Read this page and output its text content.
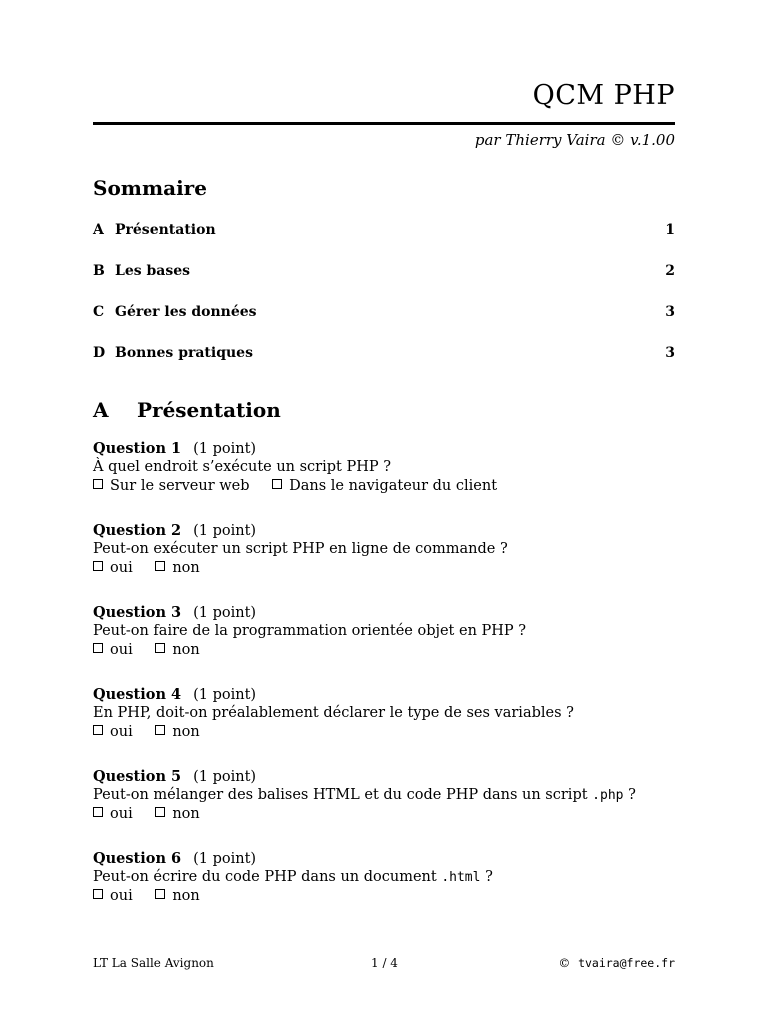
QCM PHP
par Thierry Vaira © v.1.00
Sommaire
A Présentation	1
B Les bases	2
C Gérer les données	3
D Bonnes pratiques	3
A Présentation
Question 1 (1 point)
À quel endroit s’exécute un script PHP ?
Sur le serveur web	Dans le navigateur du client
Question 2 (1 point)
Peut-on exécuter un script PHP en ligne de commande ?
oui	non
Question 3 (1 point)
Peut-on faire de la programmation orientée objet en PHP ?
oui	non
Question 4 (1 point)
En PHP, doit-on préalablement déclarer le type de ses variables ?
oui	non
Question 5 (1 point)
Peut-on mélanger des balises HTML et du code PHP dans un script .php ?
oui	non
Question 6 (1 point)
Peut-on écrire du code PHP dans un document .html ?
oui	non
LT La Salle Avignon	1 / 4	© tvaira@free.fr
